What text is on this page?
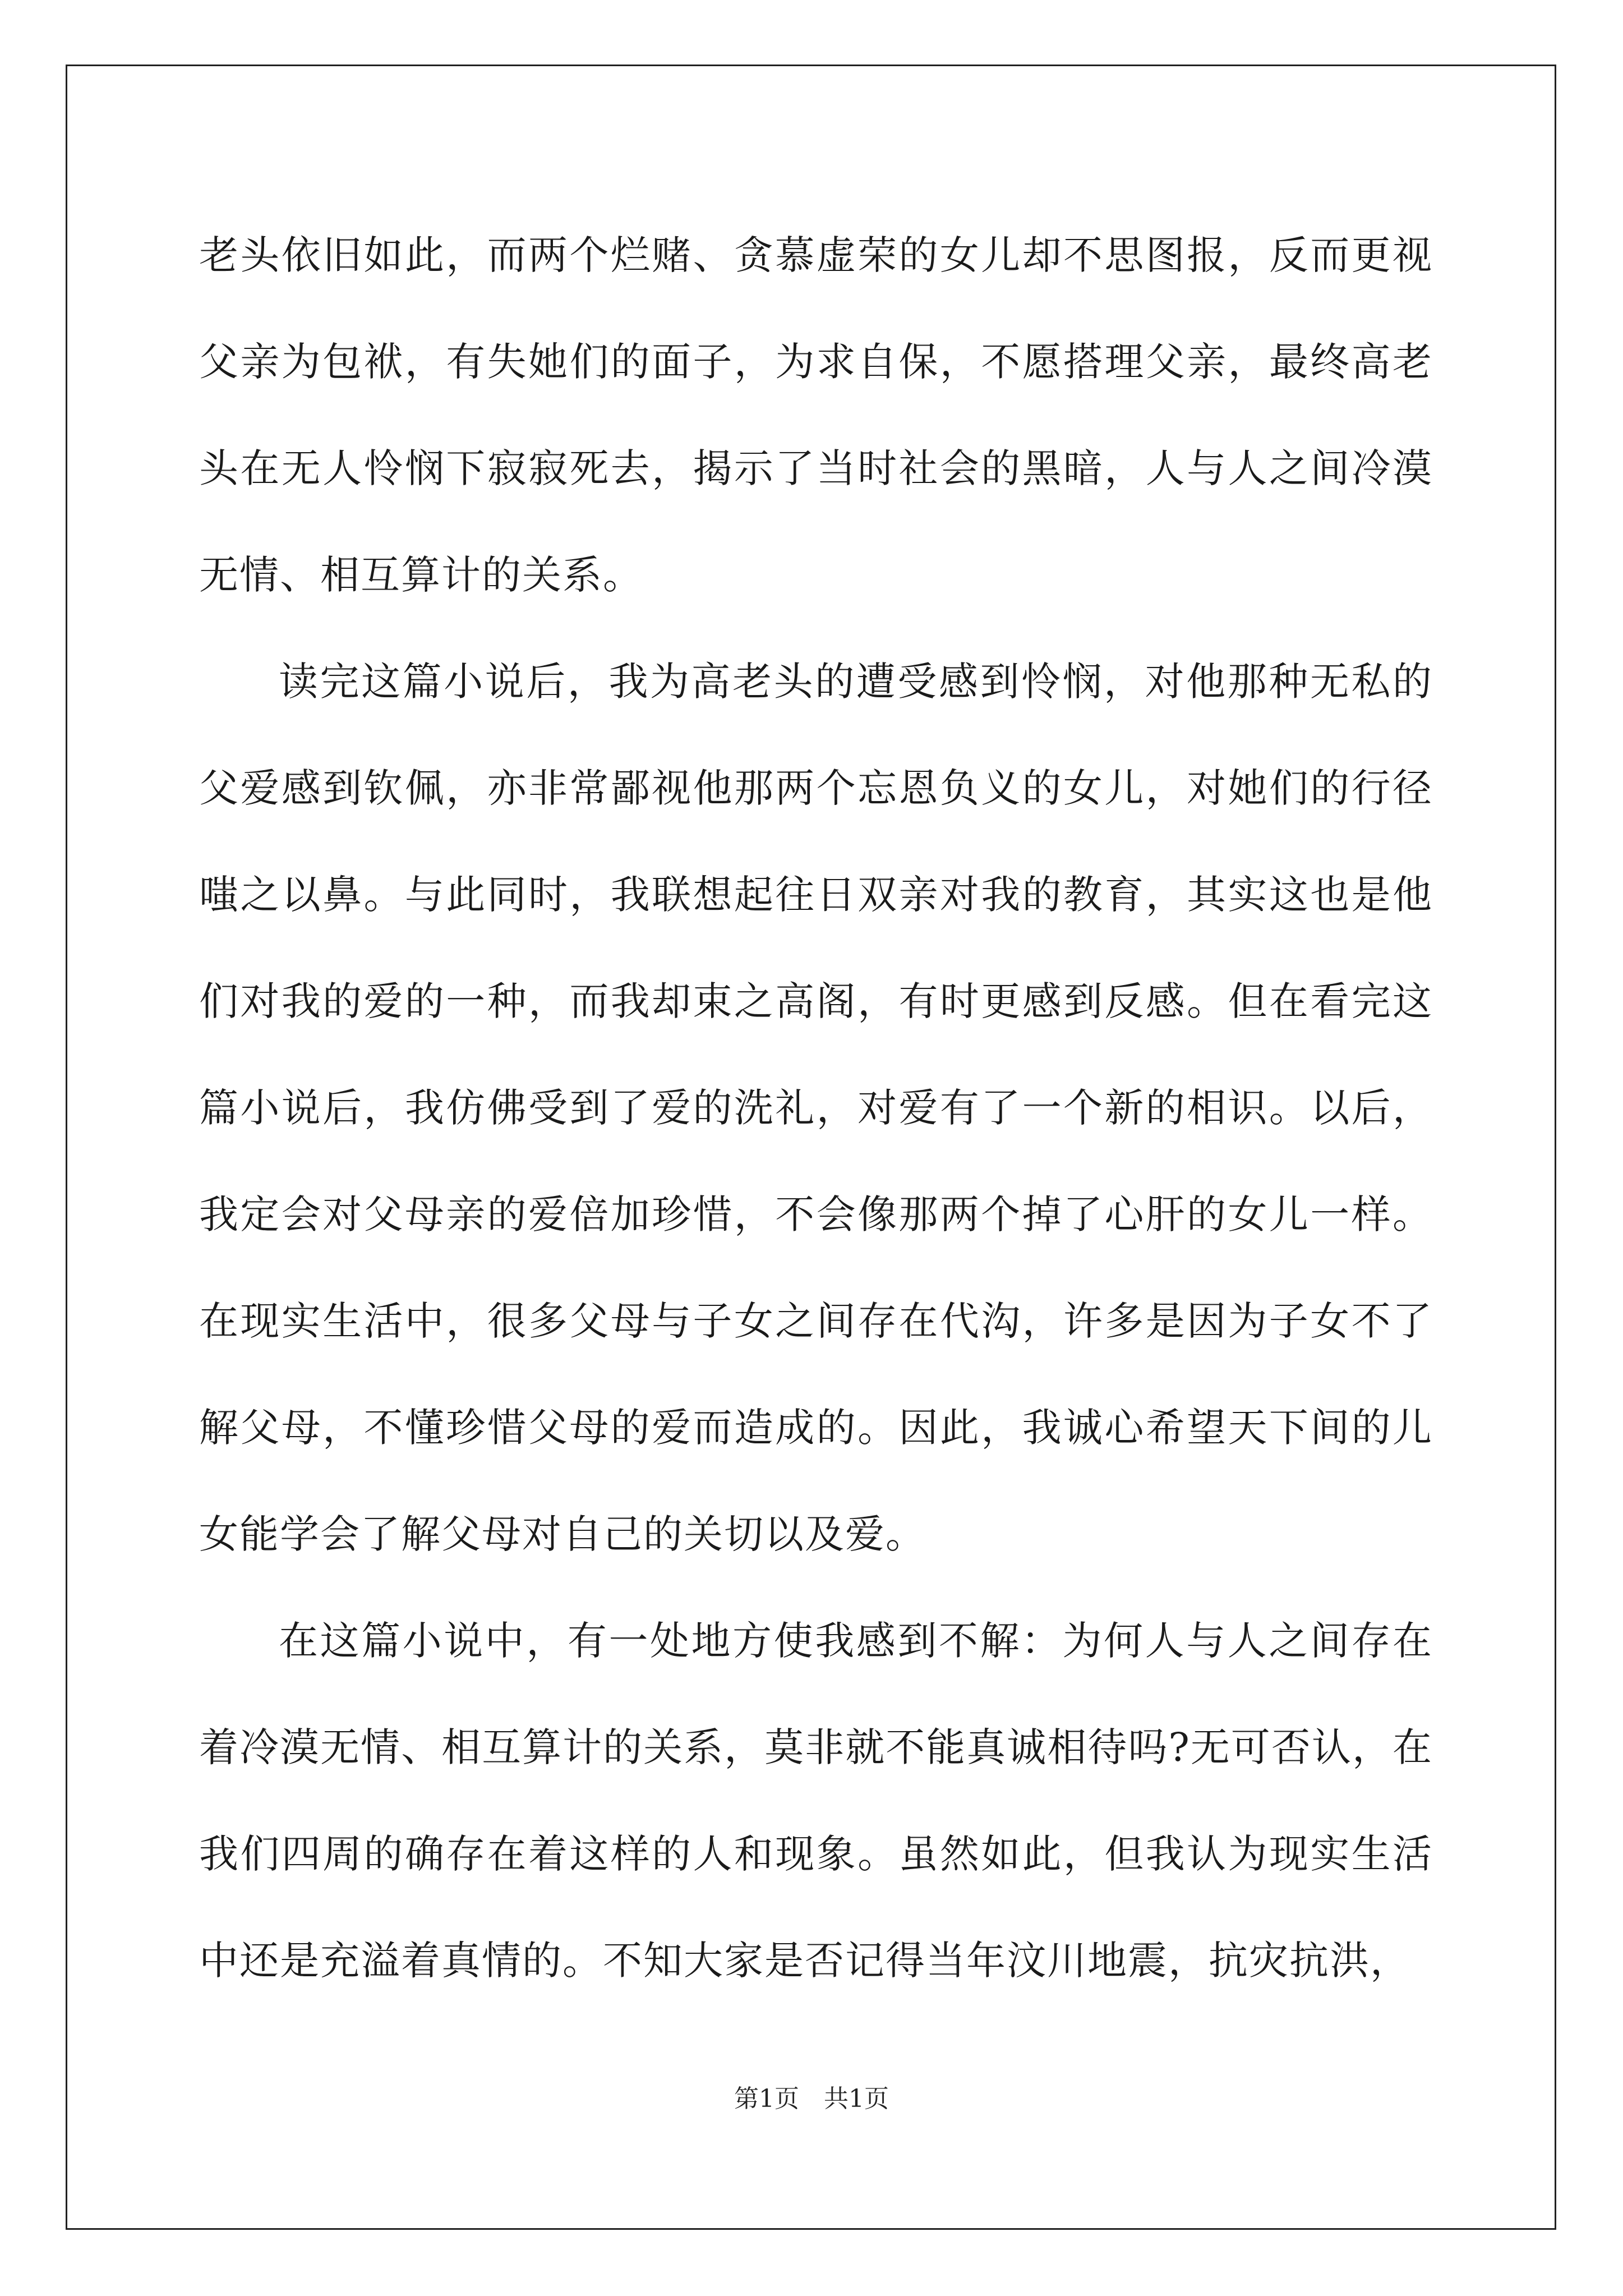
老头依旧如此，而两个烂赌、贪慕虚荣的女儿却不思图报，反而更视父亲为包袱，有失她们的面子，为求自保，不愿搭理父亲，最终高老头在无人怜悯下寂寂死去，揭示了当时社会的黑暗，人与人之间冷漠无情、相互算计的关系。

读完这篇小说后，我为高老头的遭受感到怜悯，对他那种无私的父爱感到钦佩，亦非常鄙视他那两个忘恩负义的女儿，对她们的行径嗤之以鼻。与此同时，我联想起往日双亲对我的教育，其实这也是他们对我的爱的一种，而我却束之高阁，有时更感到反感。但在看完这篇小说后，我仿佛受到了爱的洗礼，对爱有了一个新的相识。以后，我定会对父母亲的爱倍加珍惜，不会像那两个掉了心肝的女儿一样。在现实生活中，很多父母与子女之间存在代沟，许多是因为子女不了解父母，不懂珍惜父母的爱而造成的。因此，我诚心希望天下间的儿女能学会了解父母对自己的关切以及爱。

在这篇小说中，有一处地方使我感到不解：为何人与人之间存在着冷漠无情、相互算计的关系，莫非就不能真诚相待吗?无可否认，在我们四周的确存在着这样的人和现象。虽然如此，但我认为现实生活中还是充溢着真情的。不知大家是否记得当年汶川地震，抗灾抗洪，

第1页　共1页
